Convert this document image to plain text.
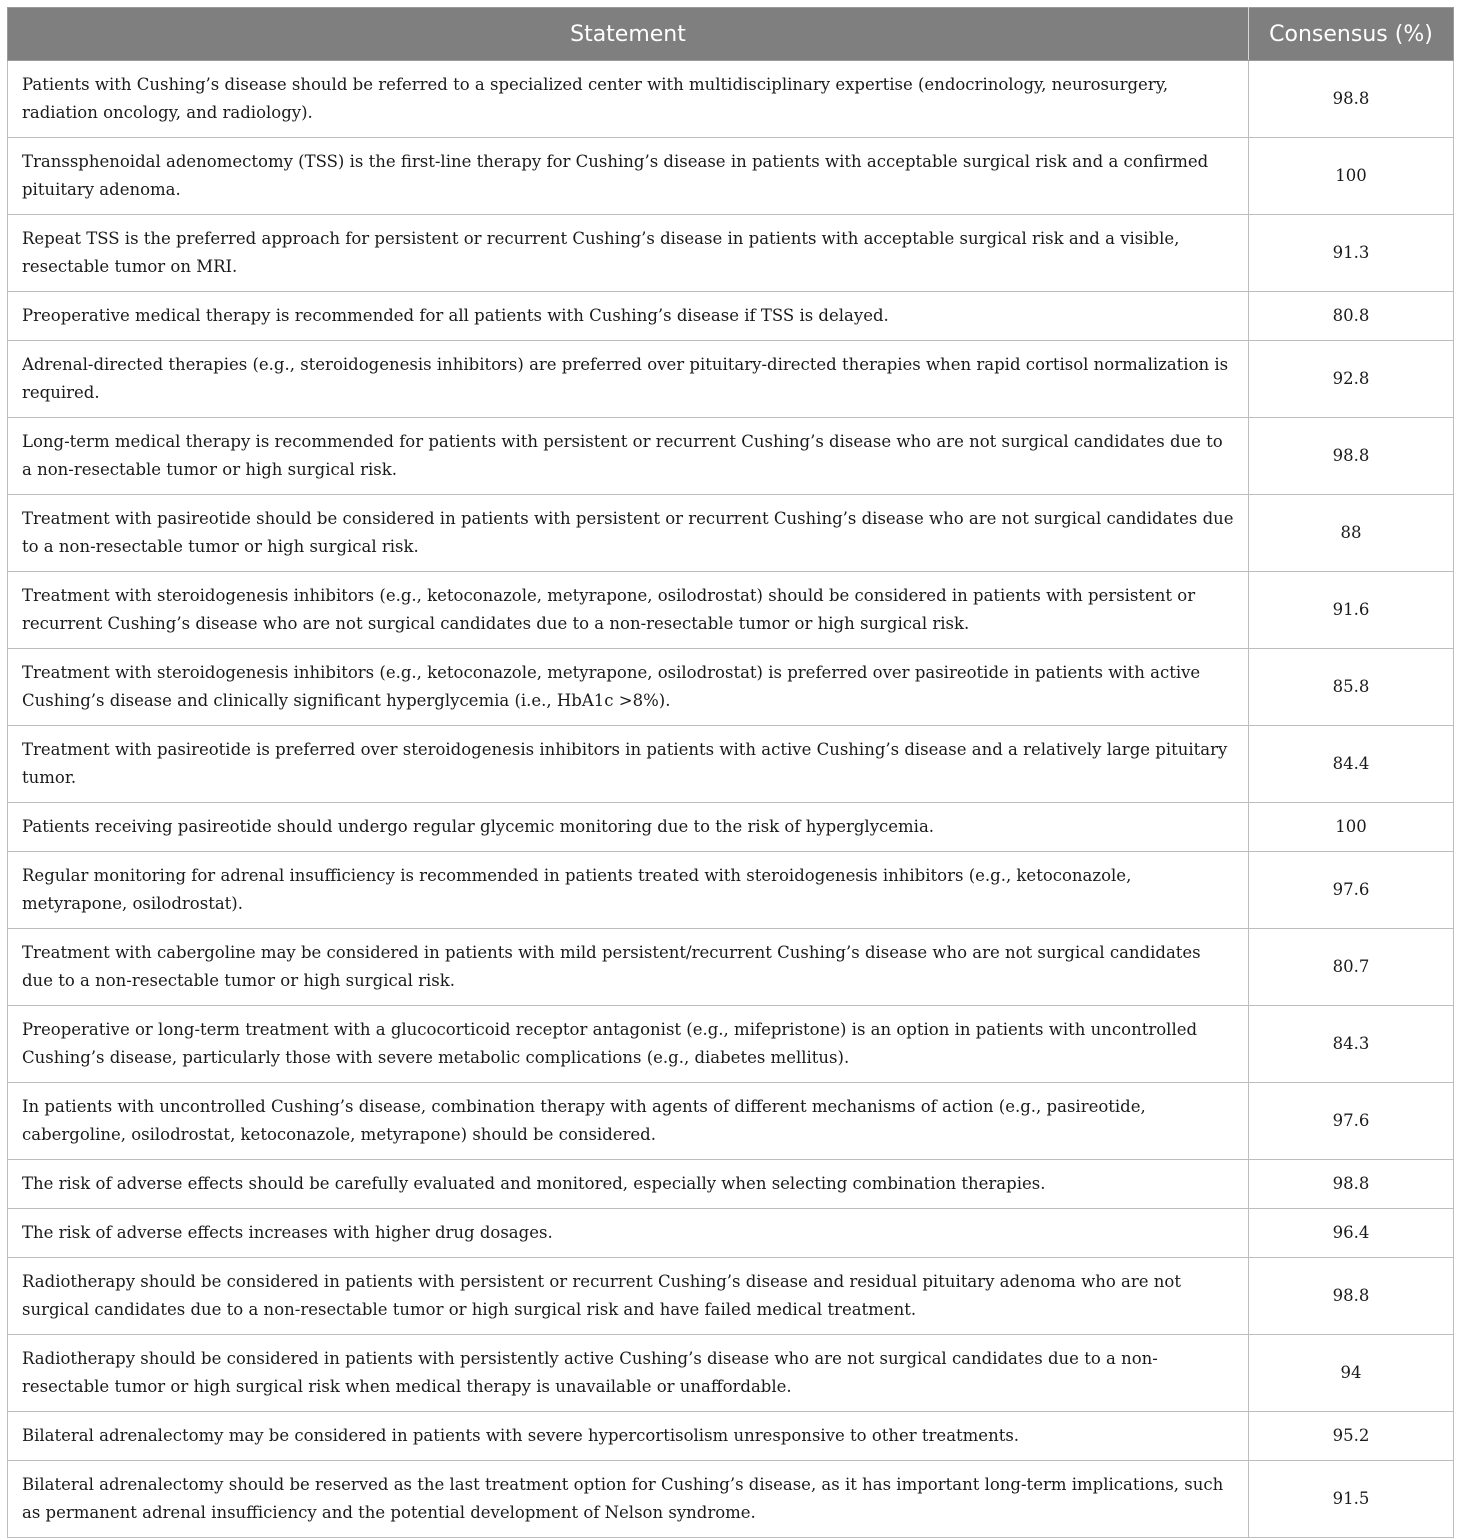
Statement	Consensus (%)
Patients with Cushing’s disease should be referred to a specialized center with multidisciplinary expertise (endocrinology, neurosurgery, radiation oncology, and radiology).	98.8
Transsphenoidal adenomectomy (TSS) is the first-line therapy for Cushing’s disease in patients with acceptable surgical risk and a confirmed pituitary adenoma.	100
Repeat TSS is the preferred approach for persistent or recurrent Cushing’s disease in patients with acceptable surgical risk and a visible, resectable tumor on MRI.	91.3
Preoperative medical therapy is recommended for all patients with Cushing’s disease if TSS is delayed.	80.8
Adrenal-directed therapies (e.g., steroidogenesis inhibitors) are preferred over pituitary-directed therapies when rapid cortisol normalization is required.	92.8
Long-term medical therapy is recommended for patients with persistent or recurrent Cushing’s disease who are not surgical candidates due to a non-resectable tumor or high surgical risk.	98.8
Treatment with pasireotide should be considered in patients with persistent or recurrent Cushing’s disease who are not surgical candidates due to a non-resectable tumor or high surgical risk.	88
Treatment with steroidogenesis inhibitors (e.g., ketoconazole, metyrapone, osilodrostat) should be considered in patients with persistent or recurrent Cushing’s disease who are not surgical candidates due to a non-resectable tumor or high surgical risk.	91.6
Treatment with steroidogenesis inhibitors (e.g., ketoconazole, metyrapone, osilodrostat) is preferred over pasireotide in patients with active Cushing’s disease and clinically significant hyperglycemia (i.e., HbA1c >8%).	85.8
Treatment with pasireotide is preferred over steroidogenesis inhibitors in patients with active Cushing’s disease and a relatively large pituitary tumor.	84.4
Patients receiving pasireotide should undergo regular glycemic monitoring due to the risk of hyperglycemia.	100
Regular monitoring for adrenal insufficiency is recommended in patients treated with steroidogenesis inhibitors (e.g., ketoconazole, metyrapone, osilodrostat).	97.6
Treatment with cabergoline may be considered in patients with mild persistent/recurrent Cushing’s disease who are not surgical candidates due to a non-resectable tumor or high surgical risk.	80.7
Preoperative or long-term treatment with a glucocorticoid receptor antagonist (e.g., mifepristone) is an option in patients with uncontrolled Cushing’s disease, particularly those with severe metabolic complications (e.g., diabetes mellitus).	84.3
In patients with uncontrolled Cushing’s disease, combination therapy with agents of different mechanisms of action (e.g., pasireotide, cabergoline, osilodrostat, ketoconazole, metyrapone) should be considered.	97.6
The risk of adverse effects should be carefully evaluated and monitored, especially when selecting combination therapies.	98.8
The risk of adverse effects increases with higher drug dosages.	96.4
Radiotherapy should be considered in patients with persistent or recurrent Cushing’s disease and residual pituitary adenoma who are not surgical candidates due to a non-resectable tumor or high surgical risk and have failed medical treatment.	98.8
Radiotherapy should be considered in patients with persistently active Cushing’s disease who are not surgical candidates due to a non-resectable tumor or high surgical risk when medical therapy is unavailable or unaffordable.	94
Bilateral adrenalectomy may be considered in patients with severe hypercortisolism unresponsive to other treatments.	95.2
Bilateral adrenalectomy should be reserved as the last treatment option for Cushing’s disease, as it has important long-term implications, such as permanent adrenal insufficiency and the potential development of Nelson syndrome.	91.5
